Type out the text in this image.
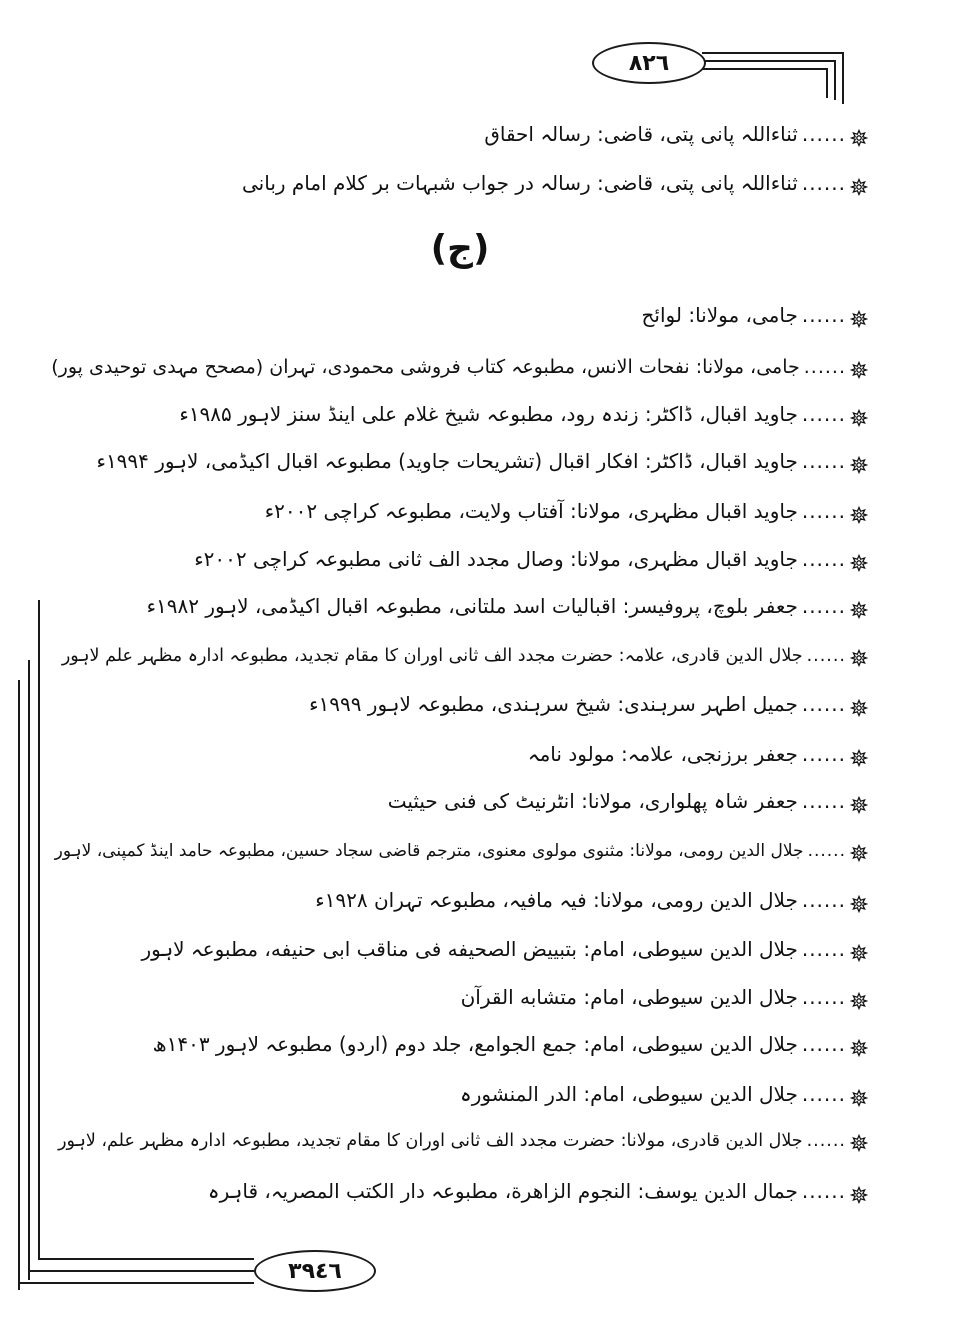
٨٢٦
٣٩٤٦
(ج)
......
ثناءاللہ پانی پتی، قاضی: رسالہ احقاق
......
ثناءاللہ پانی پتی، قاضی: رسالہ در جواب شبہات بر کلام امام ربانی
......
جامی، مولانا: لوائح
......
جامی، مولانا: نفحات الانس، مطبوعہ کتاب فروشی محمودی، تہران (مصحح مہدی توحیدی پور)
......
جاوید اقبال، ڈاکٹر: زندہ رود، مطبوعہ شیخ غلام علی اینڈ سنز لاہور ۱۹۸۵ء
......
جاوید اقبال، ڈاکٹر: افکار اقبال (تشریحات جاوید) مطبوعہ اقبال اکیڈمی، لاہور ۱۹۹۴ء
......
جاوید اقبال مظہری، مولانا: آفتاب ولایت، مطبوعہ کراچی ۲۰۰۲ء
......
جاوید اقبال مظہری، مولانا: وصال مجدد الف ثانی مطبوعہ کراچی ۲۰۰۲ء
......
جعفر بلوچ، پروفیسر: اقبالیات اسد ملتانی، مطبوعہ اقبال اکیڈمی، لاہور ۱۹۸۲ء
......
جلال الدین قادری، علامہ: حضرت مجدد الف ثانی اوران کا مقام تجدید، مطبوعہ ادارہ مظہر علم لاہور
......
جمیل اطہر سرہندی: شیخ سرہندی، مطبوعہ لاہور ۱۹۹۹ء
......
جعفر برزنجی، علامہ: مولود نامہ
......
جعفر شاہ پھلواری، مولانا: انٹرنیٹ کی فنی حیثیت
......
جلال الدین رومی، مولانا: مثنوی مولوی معنوی، مترجم قاضی سجاد حسین، مطبوعہ حامد اینڈ کمپنی، لاہور
......
جلال الدین رومی، مولانا: فیہ مافیہ، مطبوعہ تہران ۱۹۲۸ء
......
جلال الدین سیوطی، امام: بتبییض الصحیفه فی مناقب ابی حنیفه، مطبوعہ لاہور
......
جلال الدین سیوطی، امام: متشابه القرآن
......
جلال الدین سیوطی، امام: جمع الجوامع، جلد دوم (اردو) مطبوعہ لاہور ۱۴۰۳ھ
......
جلال الدین سیوطی، امام: الدر المنشورہ
......
جلال الدین قادری، مولانا: حضرت مجدد الف ثانی اوران کا مقام تجدید، مطبوعہ ادارہ مظہر علم، لاہور
......
جمال الدین یوسف: النجوم الزاهرة، مطبوعہ دار الکتب المصریہ، قاہرہ
